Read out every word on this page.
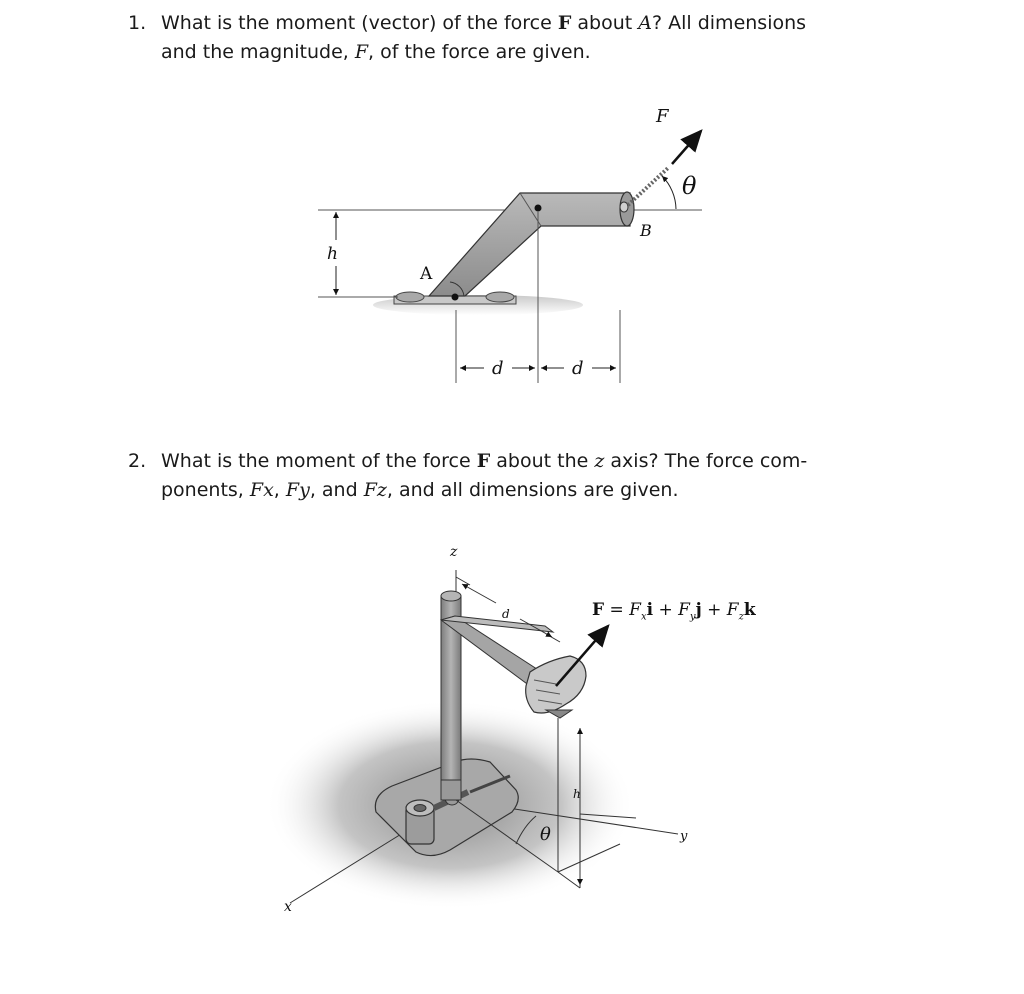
1. What is the moment (vector) of the force F about A? All dimensions
and the magnitude, F, of the force are given.
F
θ
B
h
A
d	d
2. What is the moment of the force F about the z axis? The force com-
ponents, Fx, Fy, and Fz, and all dimensions are given.
z
d
h
θ	y
x
$F = F_xi + F_yj + F_zk$
